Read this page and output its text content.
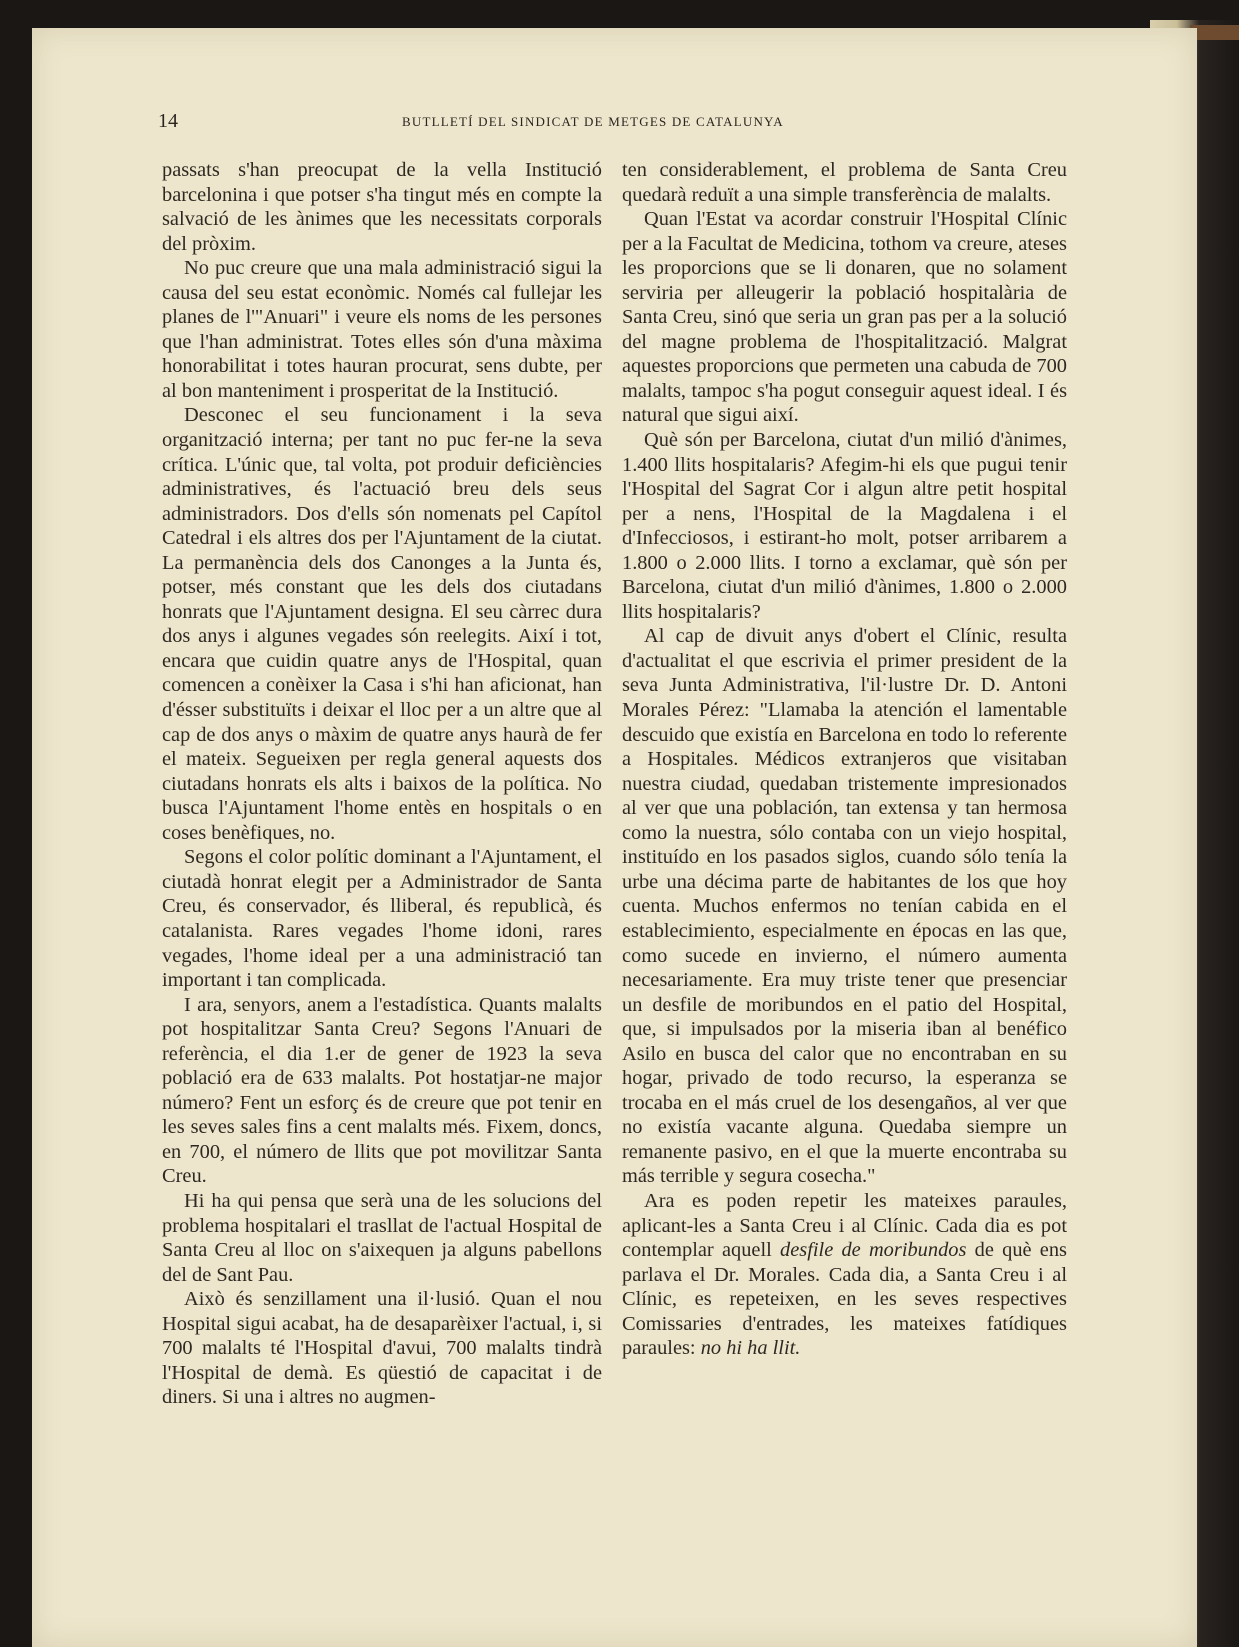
14	BUTLLETÍ DEL SINDICAT DE METGES DE CATALUNYA

passats s'han preocupat de la vella Institució barcelonina i que potser s'ha tingut més en compte la salvació de les ànimes que les necessitats corporals del pròxim.

No puc creure que una mala administració sigui la causa del seu estat econòmic. Només cal fullejar les planes de l'"Anuari" i veure els noms de les persones que l'han administrat. Totes elles són d'una màxima honorabilitat i totes hauran procurat, sens dubte, per al bon manteniment i prosperitat de la Institució.

Desconec el seu funcionament i la seva organització interna; per tant no puc fer-ne la seva crítica. L'únic que, tal volta, pot produir deficiències administratives, és l'actuació breu dels seus administradors. Dos d'ells són nomenats pel Capítol Catedral i els altres dos per l'Ajuntament de la ciutat. La permanència dels dos Canonges a la Junta és, potser, més constant que les dels dos ciutadans honrats que l'Ajuntament designa. El seu càrrec dura dos anys i algunes vegades són reelegits. Així i tot, encara que cuidin quatre anys de l'Hospital, quan comencen a conèixer la Casa i s'hi han aficionat, han d'ésser substituïts i deixar el lloc per a un altre que al cap de dos anys o màxim de quatre anys haurà de fer el mateix. Segueixen per regla general aquests dos ciutadans honrats els alts i baixos de la política. No busca l'Ajuntament l'home entès en hospitals o en coses benèfiques, no.

Segons el color polític dominant a l'Ajuntament, el ciutadà honrat elegit per a Administrador de Santa Creu, és conservador, és lliberal, és republicà, és catalanista. Rares vegades l'home idoni, rares vegades, l'home ideal per a una administració tan important i tan complicada.

I ara, senyors, anem a l'estadística. Quants malalts pot hospitalitzar Santa Creu? Segons l'Anuari de referència, el dia 1.er de gener de 1923 la seva població era de 633 malalts. Pot hostatjar-ne major número? Fent un esforç és de creure que pot tenir en les seves sales fins a cent malalts més. Fixem, doncs, en 700, el número de llits que pot movilitzar Santa Creu.

Hi ha qui pensa que serà una de les solucions del problema hospitalari el trasllat de l'actual Hospital de Santa Creu al lloc on s'aixequen ja alguns pabellons del de Sant Pau.

Això és senzillament una il·lusió. Quan el nou Hospital sigui acabat, ha de desaparèixer l'actual, i, si 700 malalts té l'Hospital d'avui, 700 malalts tindrà l'Hospital de demà. Es qüestió de capacitat i de diners. Si una i altres no augmen-

ten considerablement, el problema de Santa Creu quedarà reduït a una simple transferència de malalts.

Quan l'Estat va acordar construir l'Hospital Clínic per a la Facultat de Medicina, tothom va creure, ateses les proporcions que se li donaren, que no solament serviria per alleugerir la població hospitalària de Santa Creu, sinó que seria un gran pas per a la solució del magne problema de l'hospitalització. Malgrat aquestes proporcions que permeten una cabuda de 700 malalts, tampoc s'ha pogut conseguir aquest ideal. I és natural que sigui així.

Què són per Barcelona, ciutat d'un milió d'ànimes, 1.400 llits hospitalaris? Afegim-hi els que pugui tenir l'Hospital del Sagrat Cor i algun altre petit hospital per a nens, l'Hospital de la Magdalena i el d'Infecciosos, i estirant-ho molt, potser arribarem a 1.800 o 2.000 llits. I torno a exclamar, què són per Barcelona, ciutat d'un milió d'ànimes, 1.800 o 2.000 llits hospitalaris?

Al cap de divuit anys d'obert el Clínic, resulta d'actualitat el que escrivia el primer president de la seva Junta Administrativa, l'il·lustre Dr. D. Antoni Morales Pérez: "Llamaba la atención el lamentable descuido que existía en Barcelona en todo lo referente a Hospitales. Médicos extranjeros que visitaban nuestra ciudad, quedaban tristemente impresionados al ver que una población, tan extensa y tan hermosa como la nuestra, sólo contaba con un viejo hospital, instituído en los pasados siglos, cuando sólo tenía la urbe una décima parte de habitantes de los que hoy cuenta. Muchos enfermos no tenían cabida en el establecimiento, especialmente en épocas en las que, como sucede en invierno, el número aumenta necesariamente. Era muy triste tener que presenciar un desfile de moribundos en el patio del Hospital, que, si impulsados por la miseria iban al benéfico Asilo en busca del calor que no encontraban en su hogar, privado de todo recurso, la esperanza se trocaba en el más cruel de los desengaños, al ver que no existía vacante alguna. Quedaba siempre un remanente pasivo, en el que la muerte encontraba su más terrible y segura cosecha."

Ara es poden repetir les mateixes paraules, aplicant-les a Santa Creu i al Clínic. Cada dia es pot contemplar aquell desfile de moribundos de què ens parlava el Dr. Morales. Cada dia, a Santa Creu i al Clínic, es repeteixen, en les seves respectives Comissaries d'entrades, les mateixes fatídiques paraules: no hi ha llit.
